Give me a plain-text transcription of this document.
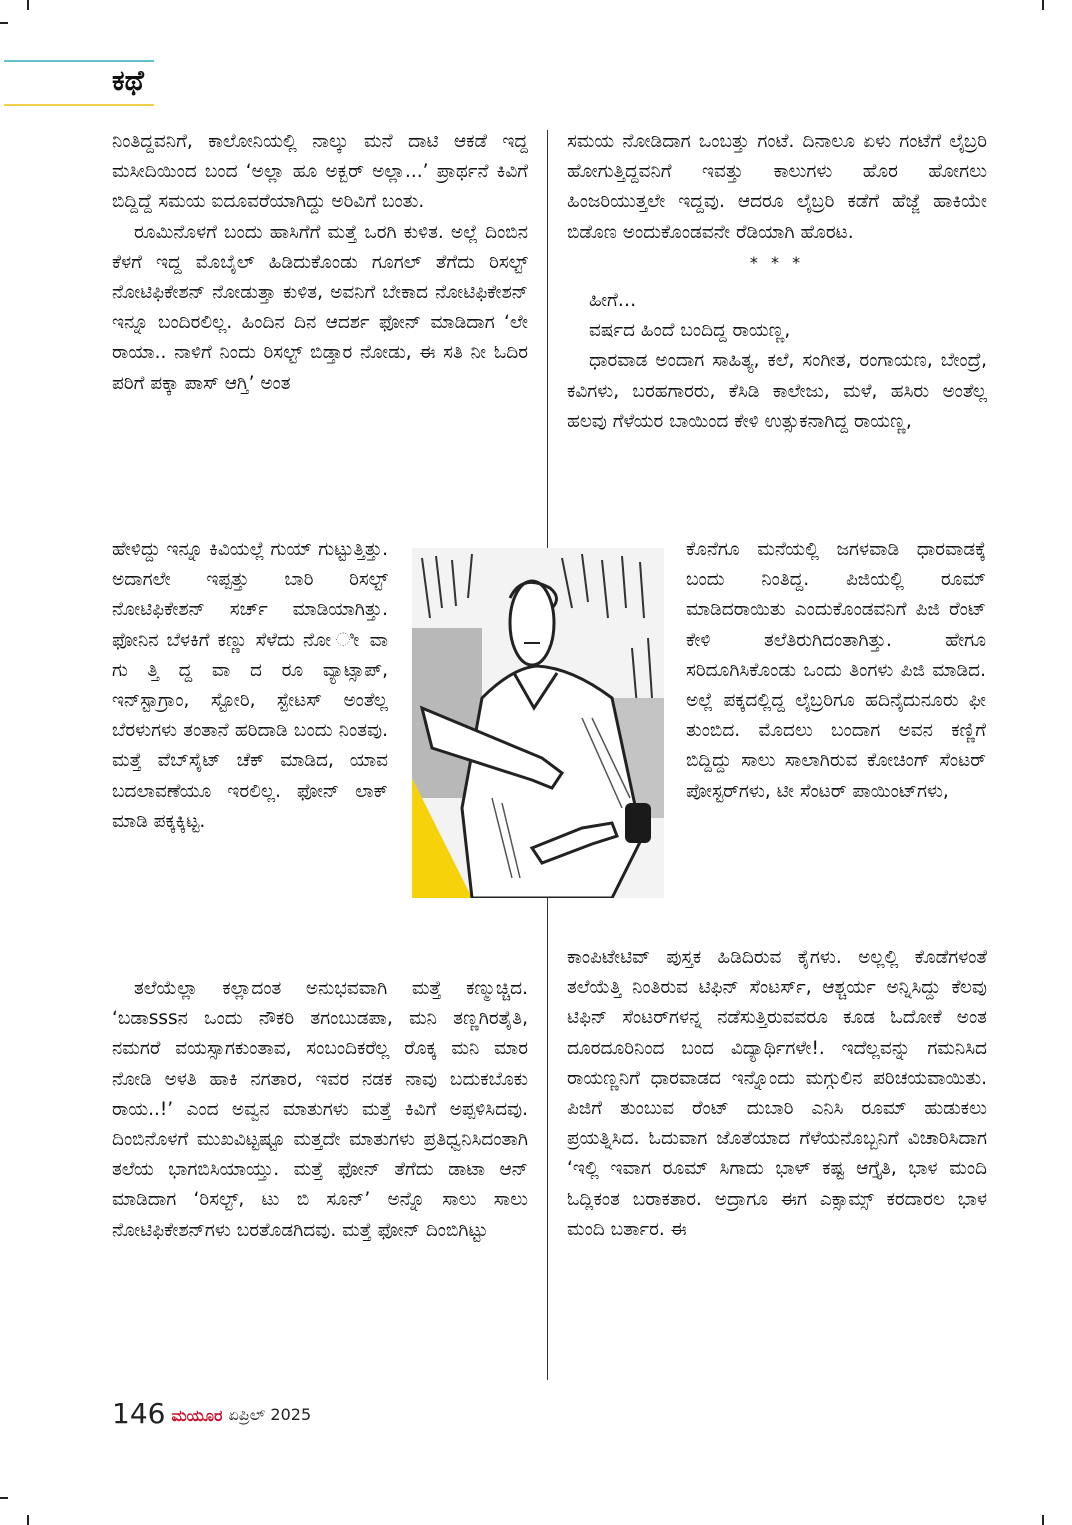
ಕಥೆ

ನಿಂತಿದ್ದವನಿಗೆ, ಕಾಲೋನಿಯಲ್ಲಿ ನಾಲ್ಕು ಮನೆ ದಾಟಿ ಆಕಡೆ ಇದ್ದ ಮಸೀದಿಯಿಂದ ಬಂದ ‘ಅಲ್ಲಾ ಹೂ ಅಕ್ಬರ್ ಅಲ್ಲಾ...’ ಪ್ರಾರ್ಥನೆ ಕಿವಿಗೆ ಬಿದ್ದಿದ್ದೆ ಸಮಯ ಐದೂವರೆಯಾಗಿದ್ದು ಅರಿವಿಗೆ ಬಂತು.

ರೂಮಿನೊಳಗೆ ಬಂದು ಹಾಸಿಗೆಗೆ ಮತ್ತೆ ಒರಗಿ ಕುಳಿತ. ಅಲ್ಲೆ ದಿಂಬಿನ ಕೆಳಗೆ ಇದ್ದ ಮೊಬೈಲ್ ಹಿಡಿದುಕೊಂಡು ಗೂಗಲ್ ತೆಗೆದು ರಿಸಲ್ಟ್ ನೋಟಿಫಿಕೇಶನ್ ನೋಡುತ್ತಾ ಕುಳಿತ, ಅವನಿಗೆ ಬೇಕಾದ ನೋಟಿಫಿಕೇಶನ್ ಇನ್ನೂ ಬಂದಿರಲಿಲ್ಲ. ಹಿಂದಿನ ದಿನ ಆದರ್ಶ ಫೋನ್ ಮಾಡಿದಾಗ ‘ಲೇ ರಾಯಾ.. ನಾಳಿಗೆ ನಿಂದು ರಿಸಲ್ಟ್ ಬಿಡ್ತಾರ ನೋಡು, ಈ ಸತಿ ನೀ ಓದಿರ ಪರಿಗೆ ಪಕ್ಕಾ ಪಾಸ್ ಆಗ್ತಿ’ ಅಂತ

ಹೇಳಿದ್ದು ಇನ್ನೂ ಕಿವಿಯಲ್ಲೆ ಗುಯ್ ಗುಟ್ಟುತ್ತಿತ್ತು. ಅದಾಗಲೇ ಇಪ್ಪತ್ತು ಬಾರಿ ರಿಸಲ್ಟ್ ನೋಟಿಫಿಕೇಶನ್ ಸರ್ಚ್ ಮಾಡಿಯಾಗಿತ್ತು. ಫೋನಿನ ಬೆಳಕಿಗೆ ಕಣ್ಣು ಸೆಳೆದು ನೋ ೀ ವಾ ಗು ತ್ತಿ ದ್ದ ವಾ ದ ರೂ ವ್ಯಾಟ್ಸಾಪ್, ಇನ್‌ಸ್ಟಾಗ್ರಾಂ, ಸ್ಟೋರಿ, ಸ್ಟೇಟಸ್ ಅಂತೆಲ್ಲ ಬೆರಳುಗಳು ತಂತಾನೆ ಹರಿದಾಡಿ ಬಂದು ನಿಂತವು. ಮತ್ತೆ ವೆಬ್‌ಸೈಟ್ ಚೆಕ್ ಮಾಡಿದ, ಯಾವ ಬದಲಾವಣೆಯೂ ಇರಲಿಲ್ಲ. ಫೋನ್ ಲಾಕ್ ಮಾಡಿ ಪಕ್ಕಕ್ಕಿಟ್ಟ.

ತಲೆಯೆಲ್ಲಾ ಕಲ್ಲಾದಂತ ಅನುಭವವಾಗಿ ಮತ್ತೆ ಕಣ್ಮುಚ್ಚಿದ. ‘ಬಡಾsssನ ಒಂದು ನೌಕರಿ ತಗಂಬುಡಪಾ, ಮನಿ ತಣ್ಣಗಿರತೈತಿ, ನಮಗರೆ ವಯಸ್ಸಾಗಕುಂತಾವ, ಸಂಬಂದಿಕರೆಲ್ಲ ರೊಕ್ಕ ಮನಿ ಮಾರ ನೋಡಿ ಅಳತಿ ಹಾಕಿ ನಗತಾರ, ಇವರ ನಡಕ ನಾವು ಬದುಕಬೊಕು ರಾಯ..!’ ಎಂದ ಅವ್ವನ ಮಾತುಗಳು ಮತ್ತೆ ಕಿವಿಗೆ ಅಪ್ಪಳಿಸಿದವು. ದಿಂಬಿನೊಳಗೆ ಮುಖವಿಟ್ಟಷ್ಟೂ ಮತ್ತದೇ ಮಾತುಗಳು ಪ್ರತಿಧ್ವನಿಸಿದಂತಾಗಿ ತಲೆಯ ಭಾಗಬಿಸಿಯಾಯ್ತು. ಮತ್ತೆ ಫೋನ್ ತೆಗೆದು ಡಾಟಾ ಆನ್ ಮಾಡಿದಾಗ ‘ರಿಸಲ್ಟ್, ಟು ಬಿ ಸೂನ್’ ಅನ್ನೊ ಸಾಲು ಸಾಲು ನೋಟಿಫಿಕೇಶನ್‌ಗಳು ಬರತೊಡಗಿದವು. ಮತ್ತೆ ಫೋನ್ ದಿಂಬಿಗಿಟ್ಟು

ಸಮಯ ನೋಡಿದಾಗ ಒಂಬತ್ತು ಗಂಟೆ. ದಿನಾಲೂ ಏಳು ಗಂಟೆಗೆ ಲೈಬ್ರರಿ ಹೋಗುತ್ತಿದ್ದವನಿಗೆ ಇವತ್ತು ಕಾಲುಗಳು ಹೊರ ಹೋಗಲು ಹಿಂಜರಿಯುತ್ತಲೇ ಇದ್ದವು. ಆದರೂ ಲೈಬ್ರರಿ ಕಡೆಗೆ ಹೆಜ್ಜೆ ಹಾಕಿಯೇ ಬಿಡೊಣ ಅಂದುಕೊಂಡವನೇ ರೆಡಿಯಾಗಿ ಹೊರಟ.

* * *

ಹೀಗೆ…

ವರ್ಷದ ಹಿಂದೆ ಬಂದಿದ್ದ ರಾಯಣ್ಣ,

ಧಾರವಾಡ ಅಂದಾಗ ಸಾಹಿತ್ಯ, ಕಲೆ, ಸಂಗೀತ, ರಂಗಾಯಣ, ಬೇಂದ್ರೆ, ಕವಿಗಳು, ಬರಹಗಾರರು, ಕೆಸಿಡಿ ಕಾಲೇಜು, ಮಳೆ, ಹಸಿರು ಅಂತೆಲ್ಲ ಹಲವು ಗೆಳೆಯರ ಬಾಯಿಂದ ಕೇಳಿ ಉತ್ಸುಕನಾಗಿದ್ದ ರಾಯಣ್ಣ,

ಕೊನೆಗೂ ಮನೆಯಲ್ಲಿ ಜಗಳವಾಡಿ ಧಾರವಾಡಕ್ಕೆ ಬಂದು ನಿಂತಿದ್ದ. ಪಿಜಿಯಲ್ಲಿ ರೂಮ್ ಮಾಡಿದರಾಯಿತು ಎಂದುಕೊಂಡವನಿಗೆ ಪಿಜಿ ರೆಂಟ್ ಕೇಳಿ ತಲೆತಿರುಗಿದಂತಾಗಿತ್ತು. ಹೇಗೂ ಸರಿದೂಗಿಸಿಕೊಂಡು ಒಂದು ತಿಂಗಳು ಪಿಜಿ ಮಾಡಿದ. ಅಲ್ಲೆ ಪಕ್ಕದಲ್ಲಿದ್ದ ಲೈಬ್ರರಿಗೂ ಹದಿನೈದುನೂರು ಫೀ ತುಂಬಿದ. ಮೊದಲು ಬಂದಾಗ ಅವನ ಕಣ್ಣಿಗೆ ಬಿದ್ದಿದ್ದು ಸಾಲು ಸಾಲಾಗಿರುವ ಕೋಚಿಂಗ್ ಸೆಂಟರ್ ಪೋಸ್ಟರ್‌ಗಳು, ಟೀ ಸೆಂಟರ್ ಪಾಯಿಂಟ್‌ಗಳು,

ಕಾಂಪಿಟೇಟಿವ್ ಪುಸ್ತಕ ಹಿಡಿದಿರುವ ಕೈಗಳು. ಅಲ್ಲಲ್ಲಿ ಕೊಡೆಗಳಂತೆ ತಲೆಯೆತ್ತಿ ನಿಂತಿರುವ ಟಿಫಿನ್ ಸೆಂಟರ್ಸ್, ಆಶ್ಚರ್ಯ ಅನ್ನಿಸಿದ್ದು ಕೆಲವು ಟಿಫಿನ್ ಸೆಂಟರ್‌ಗಳನ್ನ ನಡೆಸುತ್ತಿರುವವರೂ ಕೂಡ ಓದೋಕೆ ಅಂತ ದೂರದೂರಿನಿಂದ ಬಂದ ವಿದ್ಯಾರ್ಥಿಗಳೇ!. ಇದೆಲ್ಲವನ್ನು ಗಮನಿಸಿದ ರಾಯಣ್ಣನಿಗೆ ಧಾರವಾಡದ ಇನ್ನೊಂದು ಮಗ್ಗುಲಿನ ಪರಿಚಯವಾಯಿತು. ಪಿಜಿಗೆ ತುಂಬುವ ರೆಂಟ್ ದುಬಾರಿ ಎನಿಸಿ ರೂಮ್ ಹುಡುಕಲು ಪ್ರಯತ್ನಿಸಿದ. ಓದುವಾಗ ಜೊತೆಯಾದ ಗೆಳೆಯನೊಬ್ಬನಿಗೆ ವಿಚಾರಿಸಿದಾಗ ‘ಇಲ್ಲಿ ಇವಾಗ ರೂಮ್ ಸಿಗಾದು ಭಾಳ್ ಕಷ್ಟ ಆಗ್ತೈತಿ, ಭಾಳ ಮಂದಿ ಓದ್ಲಿಕಂತ ಬರಾಕತಾರ. ಅದ್ರಾಗೂ ಈಗ ಎಕ್ಸಾಮ್ಸ್ ಕರದಾರಲ ಭಾಳ ಮಂದಿ ಬರ್ತಾರ. ಈ

146 ಮಯೂರ ಏಪ್ರಿಲ್ 2025
